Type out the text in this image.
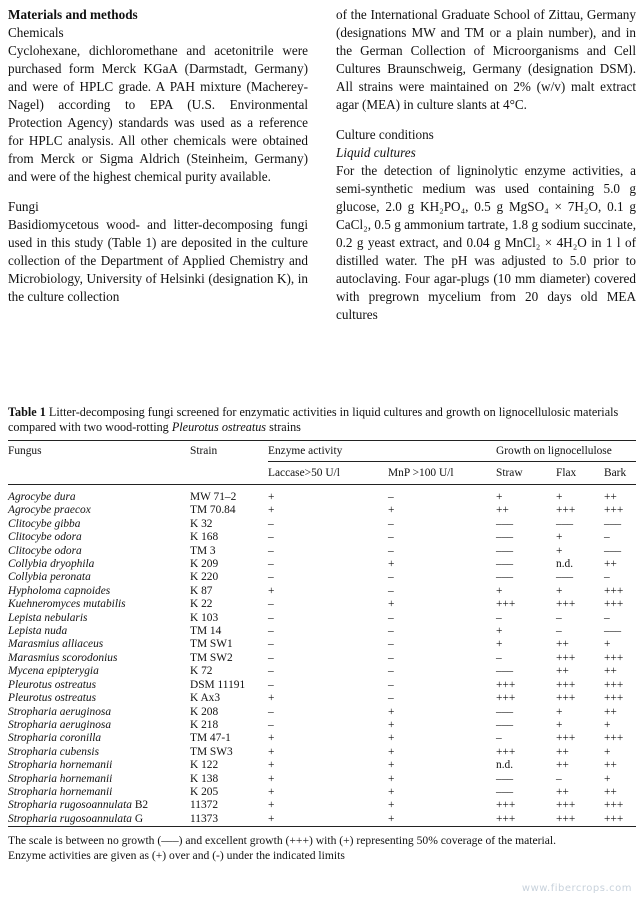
Materials and methods

Chemicals

Cyclohexane, dichloromethane and acetonitrile were purchased form Merck KGaA (Darmstadt, Germany) and were of HPLC grade. A PAH mixture (Macherey-Nagel) according to EPA (U.S. Environmental Protection Agency) standards was used as a reference for HPLC analysis. All other chemicals were obtained from Merck or Sigma Aldrich (Steinheim, Germany) and were of the highest chemical purity available.

Fungi

Basidiomycetous wood- and litter-decomposing fungi used in this study (Table 1) are deposited in the culture collection of the Department of Applied Chemistry and Microbiology, University of Helsinki (designation K), in the culture collection

of the International Graduate School of Zittau, Germany (designations MW and TM or a plain number), and in the German Collection of Microorganisms and Cell Cultures Braunschweig, Germany (designation DSM). All strains were maintained on 2% (w/v) malt extract agar (MEA) in culture slants at 4°C.

Culture conditions

Liquid cultures

For the detection of ligninolytic enzyme activities, a semi-synthetic medium was used containing 5.0 g glucose, 2.0 g KH₂PO₄, 0.5 g MgSO₄ × 7H₂O, 0.1 g CaCl₂, 0.5 g ammonium tartrate, 1.8 g sodium succinate, 0.2 g yeast extract, and 0.04 g MnCl₂ × 4H₂O in 1 l of distilled water. The pH was adjusted to 5.0 prior to autoclaving. Four agar-plugs (10 mm diameter) covered with pregrown mycelium from 20 days old MEA cultures

Table 1 Litter-decomposing fungi screened for enzymatic activities in liquid cultures and growth on lignocellulosic materials compared with two wood-rotting Pleurotus ostreatus strains

Fungus	Strain	Enzyme activity		Growth on lignocellulose		
		Laccase>50 U/l	MnP >100 U/l	Straw	Flax	Bark

Agrocybe dura	MW 71–2	+	–	+	+	++
Agrocybe praecox	TM 70.84	+	+	++	+++	+++
Clitocybe gibba	K 32	–	–	–––	–––	–––
Clitocybe odora	K 168	–	–	–––	+	–
Clitocybe odora	TM 3	–	–	–––	+	–––
Collybia dryophila	K 209	–	+	–––	n.d.	++
Collybia peronata	K 220	–	–	–––	–––	–
Hypholoma capnoides	K 87	+	–	+	+	+++
Kuehneromyces mutabilis	K 22	–	+	+++	+++	+++
Lepista nebularis	K 103	–	–	–	–	–
Lepista nuda	TM 14	–	–	+	–	–––
Marasmius alliaceus	TM SW1	–	–	+	++	+
Marasmius scorodonius	TM SW2	–	–	–	+++	+++
Mycena epipterygia	K 72	–	–	–––	++	++
Pleurotus ostreatus	DSM 11191	–	–	+++	+++	+++
Pleurotus ostreatus	K Ax3	+	–	+++	+++	+++
Stropharia aeruginosa	K 208	–	+	–––	+	++
Stropharia aeruginosa	K 218	–	+	–––	+	+
Stropharia coronilla	TM 47-1	+	+	–	+++	+++
Stropharia cubensis	TM SW3	+	+	+++	++	+
Stropharia hornemanii	K 122	+	+	n.d.	++	++
Stropharia hornemanii	K 138	+	+	–––	–	+
Stropharia hornemanii	K 205	+	+	–––	++	++
Stropharia rugosoannulata B2	11372	+	+	+++	+++	+++
Stropharia rugosoannulata G	11373	+	+	+++	+++	+++
The scale is between no growth (–––) and excellent growth (+++) with (+) representing 50% coverage of the material.
Enzyme activities are given as (+) over and (-) under the indicated limits
www.fibercrops.com
